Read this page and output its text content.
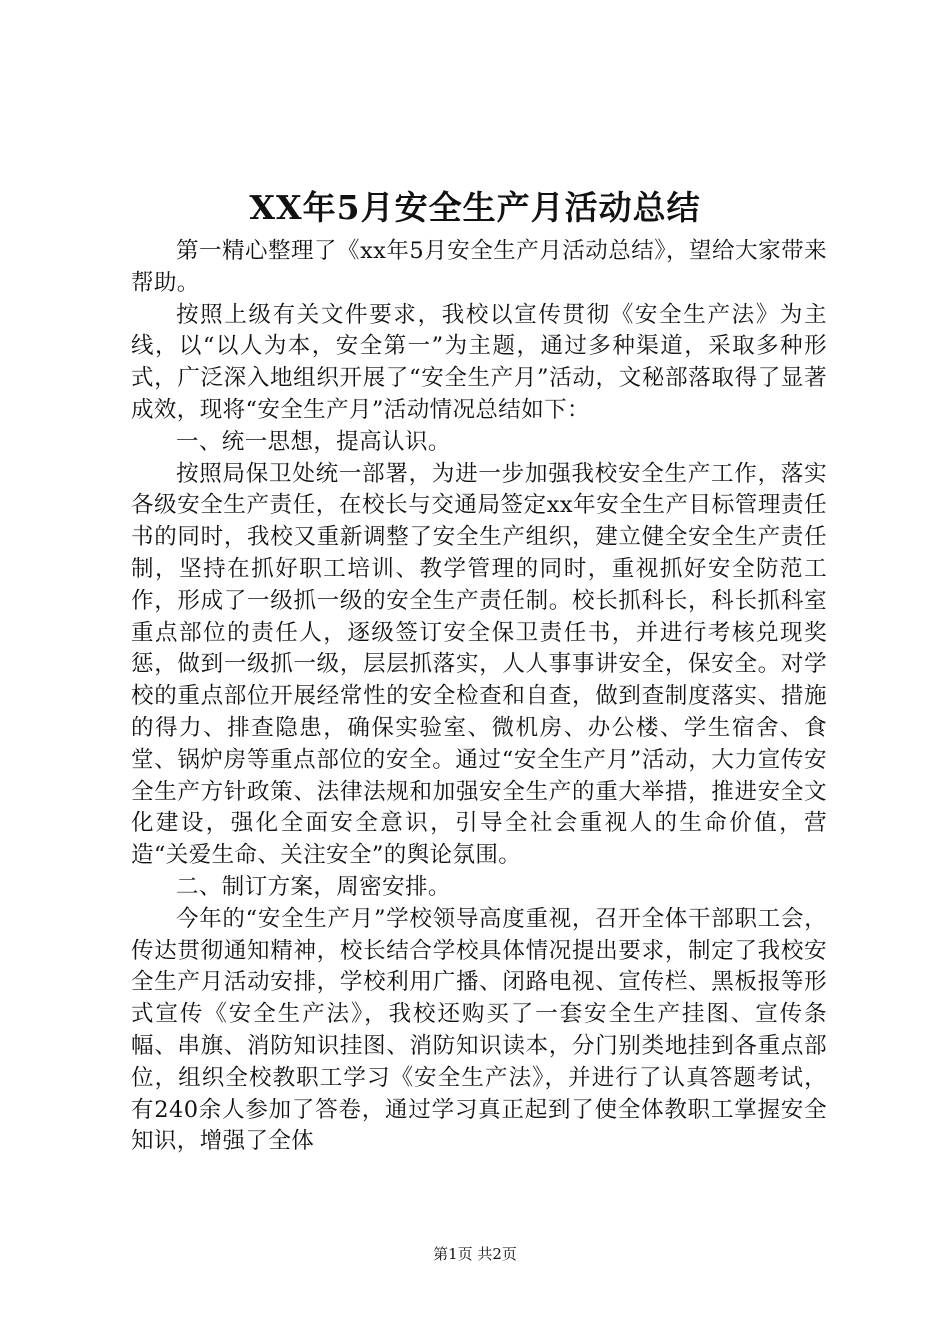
XX年5月安全生产月活动总结

第一精心整理了《xx年5月安全生产月活动总结》，望给大家带来帮助。

按照上级有关文件要求，我校以宣传贯彻《安全生产法》为主线，以“以人为本，安全第一”为主题，通过多种渠道，采取多种形式，广泛深入地组织开展了“安全生产月”活动，文秘部落取得了显著成效，现将“安全生产月”活动情况总结如下：

一、统一思想，提高认识。

按照局保卫处统一部署，为进一步加强我校安全生产工作，落实各级安全生产责任，在校长与交通局签定xx年安全生产目标管理责任书的同时，我校又重新调整了安全生产组织，建立健全安全生产责任制，坚持在抓好职工培训、教学管理的同时，重视抓好安全防范工作，形成了一级抓一级的安全生产责任制。校长抓科长，科长抓科室重点部位的责任人，逐级签订安全保卫责任书，并进行考核兑现奖惩，做到一级抓一级，层层抓落实，人人事事讲安全，保安全。对学校的重点部位开展经常性的安全检查和自查，做到查制度落实、措施的得力、排查隐患，确保实验室、微机房、办公楼、学生宿舍、食堂、锅炉房等重点部位的安全。通过“安全生产月”活动，大力宣传安全生产方针政策、法律法规和加强安全生产的重大举措，推进安全文化建设，强化全面安全意识，引导全社会重视人的生命价值，营造“关爱生命、关注安全”的舆论氛围。

二、制订方案，周密安排。

今年的“安全生产月”学校领导高度重视，召开全体干部职工会，传达贯彻通知精神，校长结合学校具体情况提出要求，制定了我校安全生产月活动安排，学校利用广播、闭路电视、宣传栏、黑板报等形式宣传《安全生产法》，我校还购买了一套安全生产挂图、宣传条幅、串旗、消防知识挂图、消防知识读本，分门别类地挂到各重点部位，组织全校教职工学习《安全生产法》，并进行了认真答题考试，有240余人参加了答卷，通过学习真正起到了使全体教职工掌握安全知识，增强了全体

第1页 共2页
